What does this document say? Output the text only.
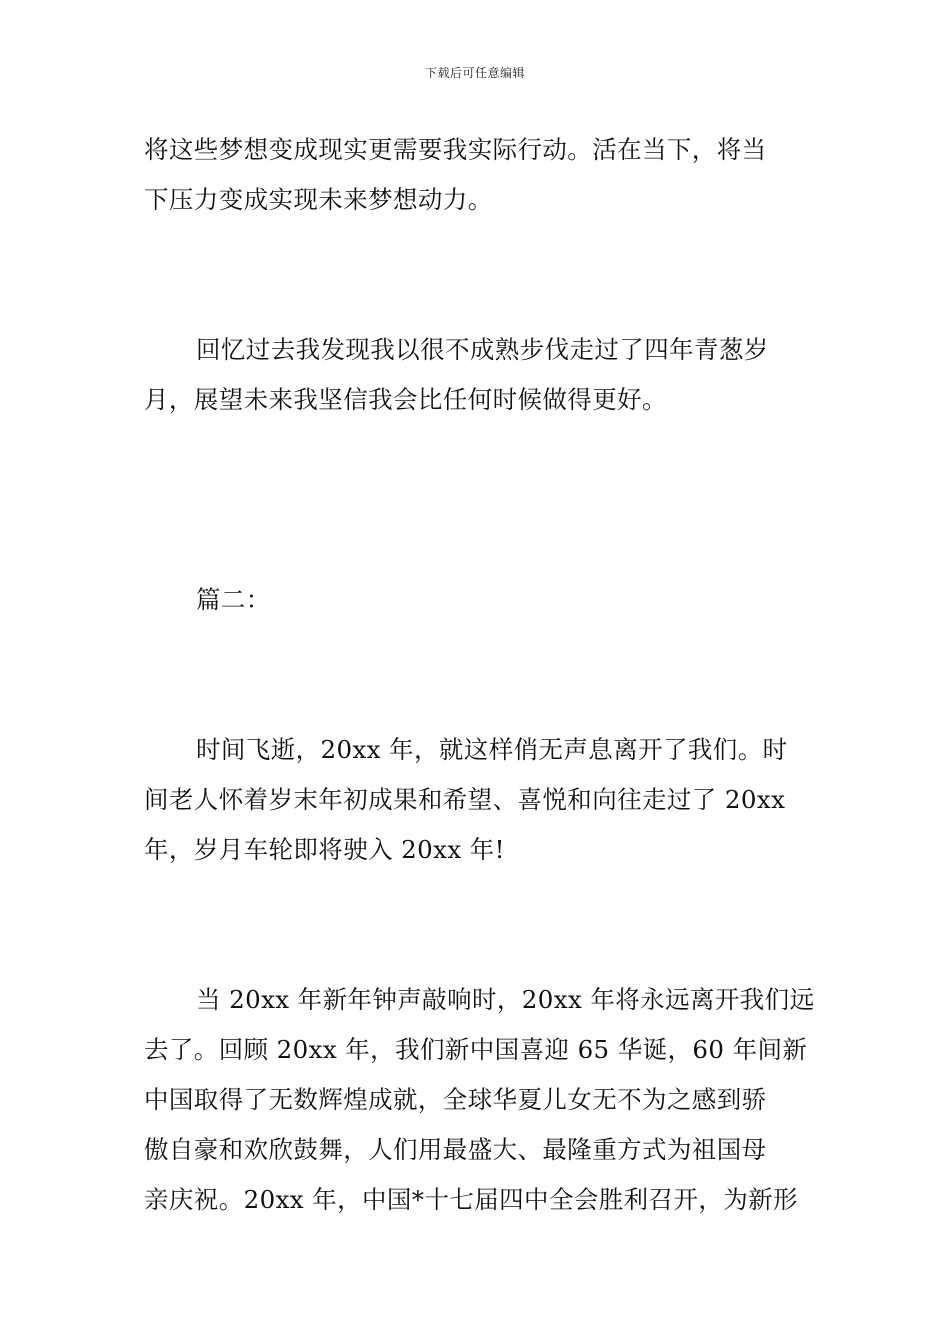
下载后可任意编辑
将这些梦想变成现实更需要我实际行动。活在当下，将当
下压力变成实现未来梦想动力。
回忆过去我发现我以很不成熟步伐走过了四年青葱岁
月，展望未来我坚信我会比任何时候做得更好。
篇二：
时间飞逝，20xx 年，就这样俏无声息离开了我们。时
间老人怀着岁末年初成果和希望、喜悦和向往走过了 20xx
年，岁月车轮即将驶入 20xx 年!
当 20xx 年新年钟声敲响时，20xx 年将永远离开我们远
去了。回顾 20xx 年，我们新中国喜迎 65 华诞，60 年间新
中国取得了无数辉煌成就，全球华夏儿女无不为之感到骄
傲自豪和欢欣鼓舞，人们用最盛大、最隆重方式为祖国母
亲庆祝。20xx 年，中国*十七届四中全会胜利召开，为新形
